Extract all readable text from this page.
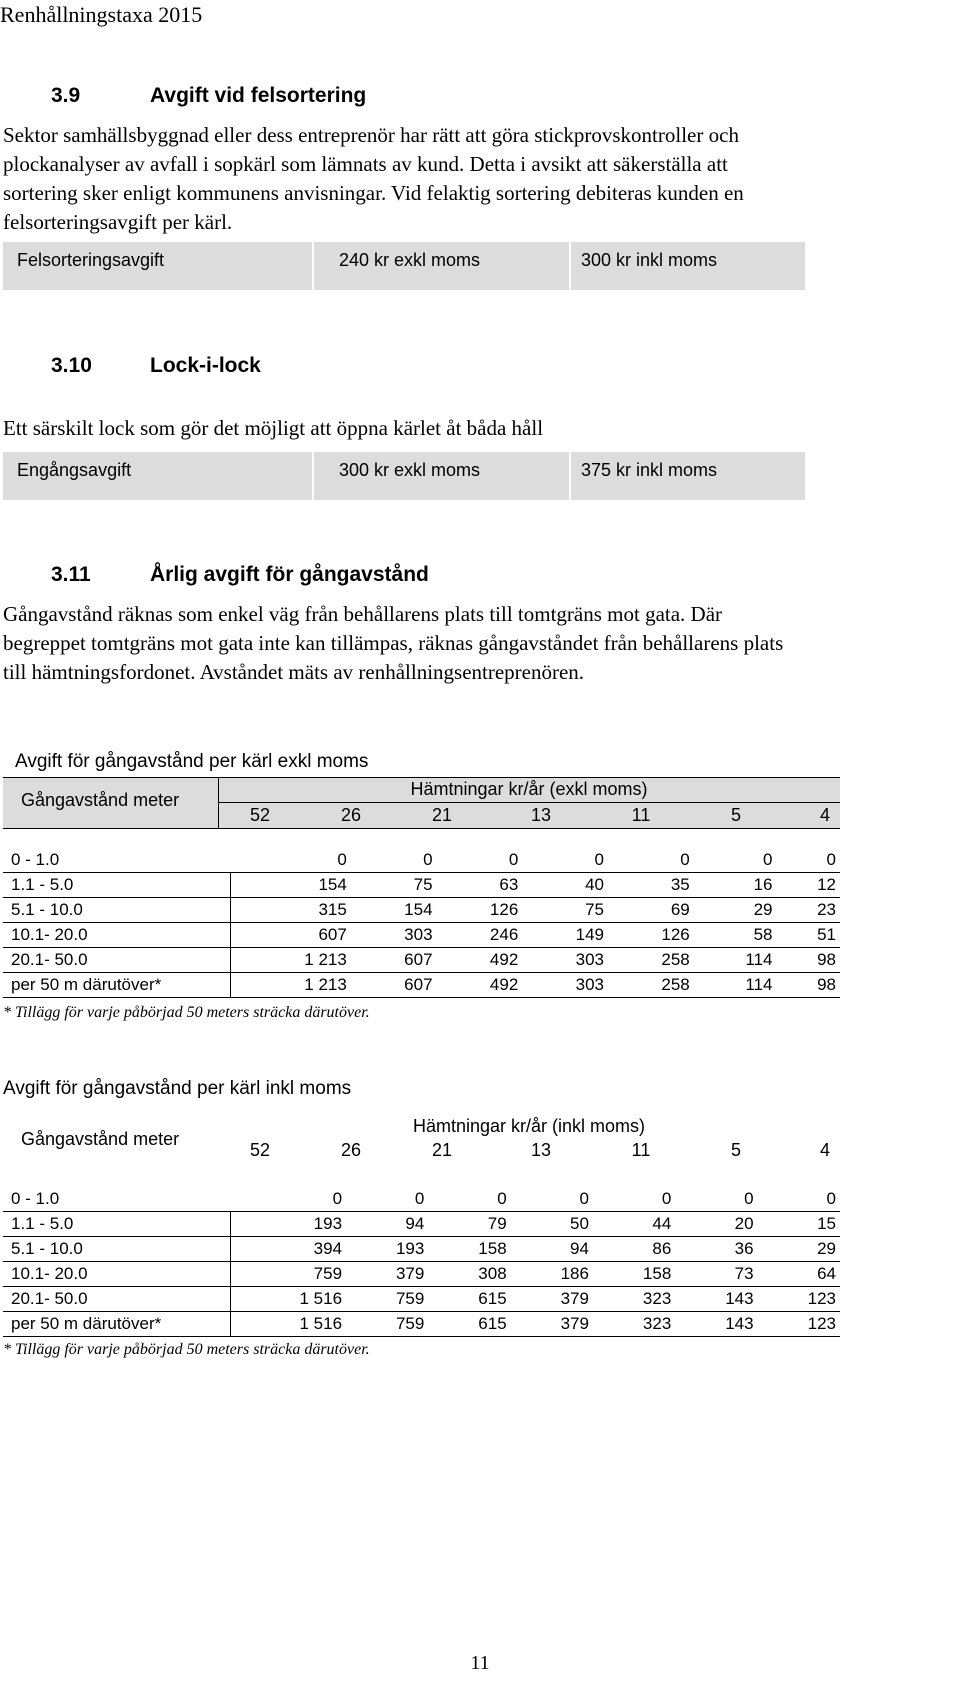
Renhållningstaxa 2015
3.9	Avgift vid felsortering
Sektor samhällsbyggnad eller dess entreprenör har rätt att göra stickprovskontroller och
plockanalyser av avfall i sopkärl som lämnats av kund. Detta i avsikt att säkerställa att
sortering sker enligt kommunens anvisningar. Vid felaktig sortering debiteras kunden en
felsorteringsavgift per kärl.
Felsorteringsavgift	240 kr exkl moms	300 kr inkl moms
3.10	Lock-i-lock
Ett särskilt lock som gör det möjligt att öppna kärlet åt båda håll
Engångsavgift	300 kr exkl moms	375 kr inkl moms
3.11	Årlig avgift för gångavstånd
Gångavstånd räknas som enkel väg från behållarens plats till tomtgräns mot gata. Där
begreppet tomtgräns mot gata inte kan tillämpas, räknas gångavståndet från behållarens plats
till hämtningsfordonet. Avståndet mäts av renhållningsentreprenören.
Avgift för gångavstånd per kärl exkl moms
Gångavstånd meter
Hämtningar kr/år (exkl moms)
52	26	21	13	11	5	4
0 - 1.0	0	0	0	0	0	0	0
1.1 - 5.0	154	75	63	40	35	16	12
5.1 - 10.0	315	154	126	75	69	29	23
10.1- 20.0	607	303	246	149	126	58	51
20.1- 50.0	1 213	607	492	303	258	114	98
per 50 m därutöver*	1 213	607	492	303	258	114	98
* Tillägg för varje påbörjad 50 meters sträcka därutöver.
Avgift för gångavstånd per kärl inkl moms
Gångavstånd meter
Hämtningar kr/år (inkl moms)
52	26	21	13	11	5	4
0 - 1.0	0	0	0	0	0	0	0
1.1 - 5.0	193	94	79	50	44	20	15
5.1 - 10.0	394	193	158	94	86	36	29
10.1- 20.0	759	379	308	186	158	73	64
20.1- 50.0	1 516	759	615	379	323	143	123
per 50 m därutöver*	1 516	759	615	379	323	143	123
* Tillägg för varje påbörjad 50 meters sträcka därutöver.
11
